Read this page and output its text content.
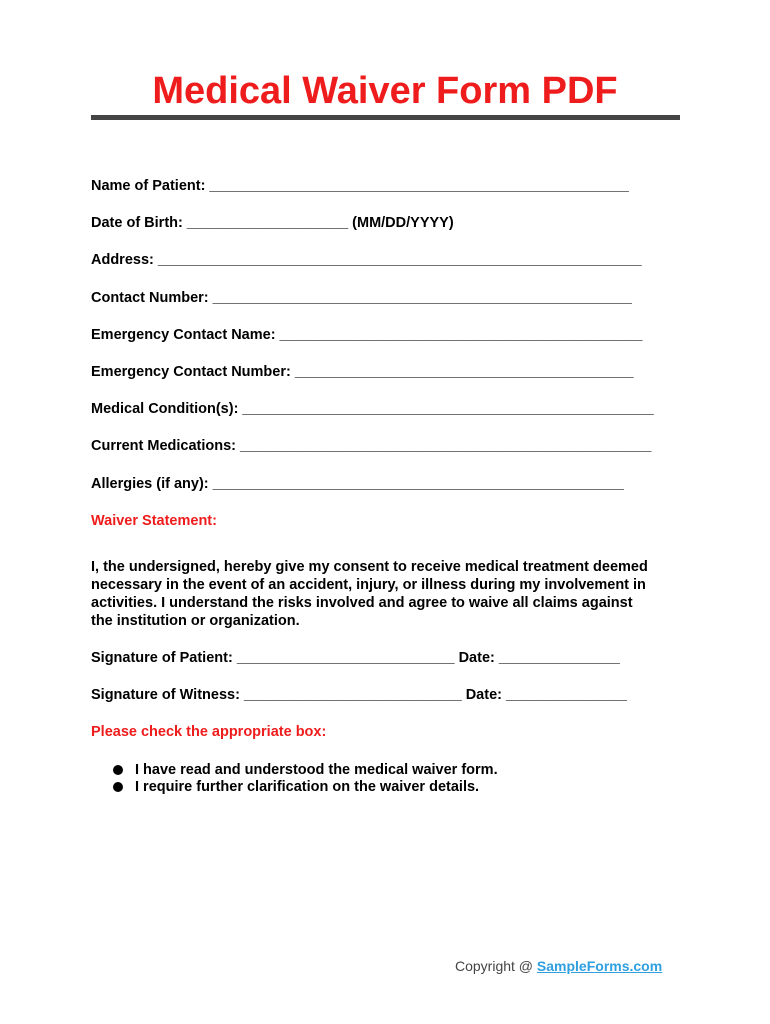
Medical Waiver Form PDF
Name of Patient: ____________________________________________________
Date of Birth: ____________________ (MM/DD/YYYY)
Address: ____________________________________________________________
Contact Number: ____________________________________________________
Emergency Contact Name: _____________________________________________
Emergency Contact Number: __________________________________________
Medical Condition(s): ___________________________________________________
Current Medications: ___________________________________________________
Allergies (if any): ___________________________________________________
Waiver Statement:
I, the undersigned, hereby give my consent to receive medical treatment deemed
necessary in the event of an accident, injury, or illness during my involvement in
activities. I understand the risks involved and agree to waive all claims against
the institution or organization.
Signature of Patient: ___________________________ Date: _______________
Signature of Witness: ___________________________ Date: _______________
Please check the appropriate box:
I have read and understood the medical waiver form.
I require further clarification on the waiver details.
Copyright @ SampleForms.com
